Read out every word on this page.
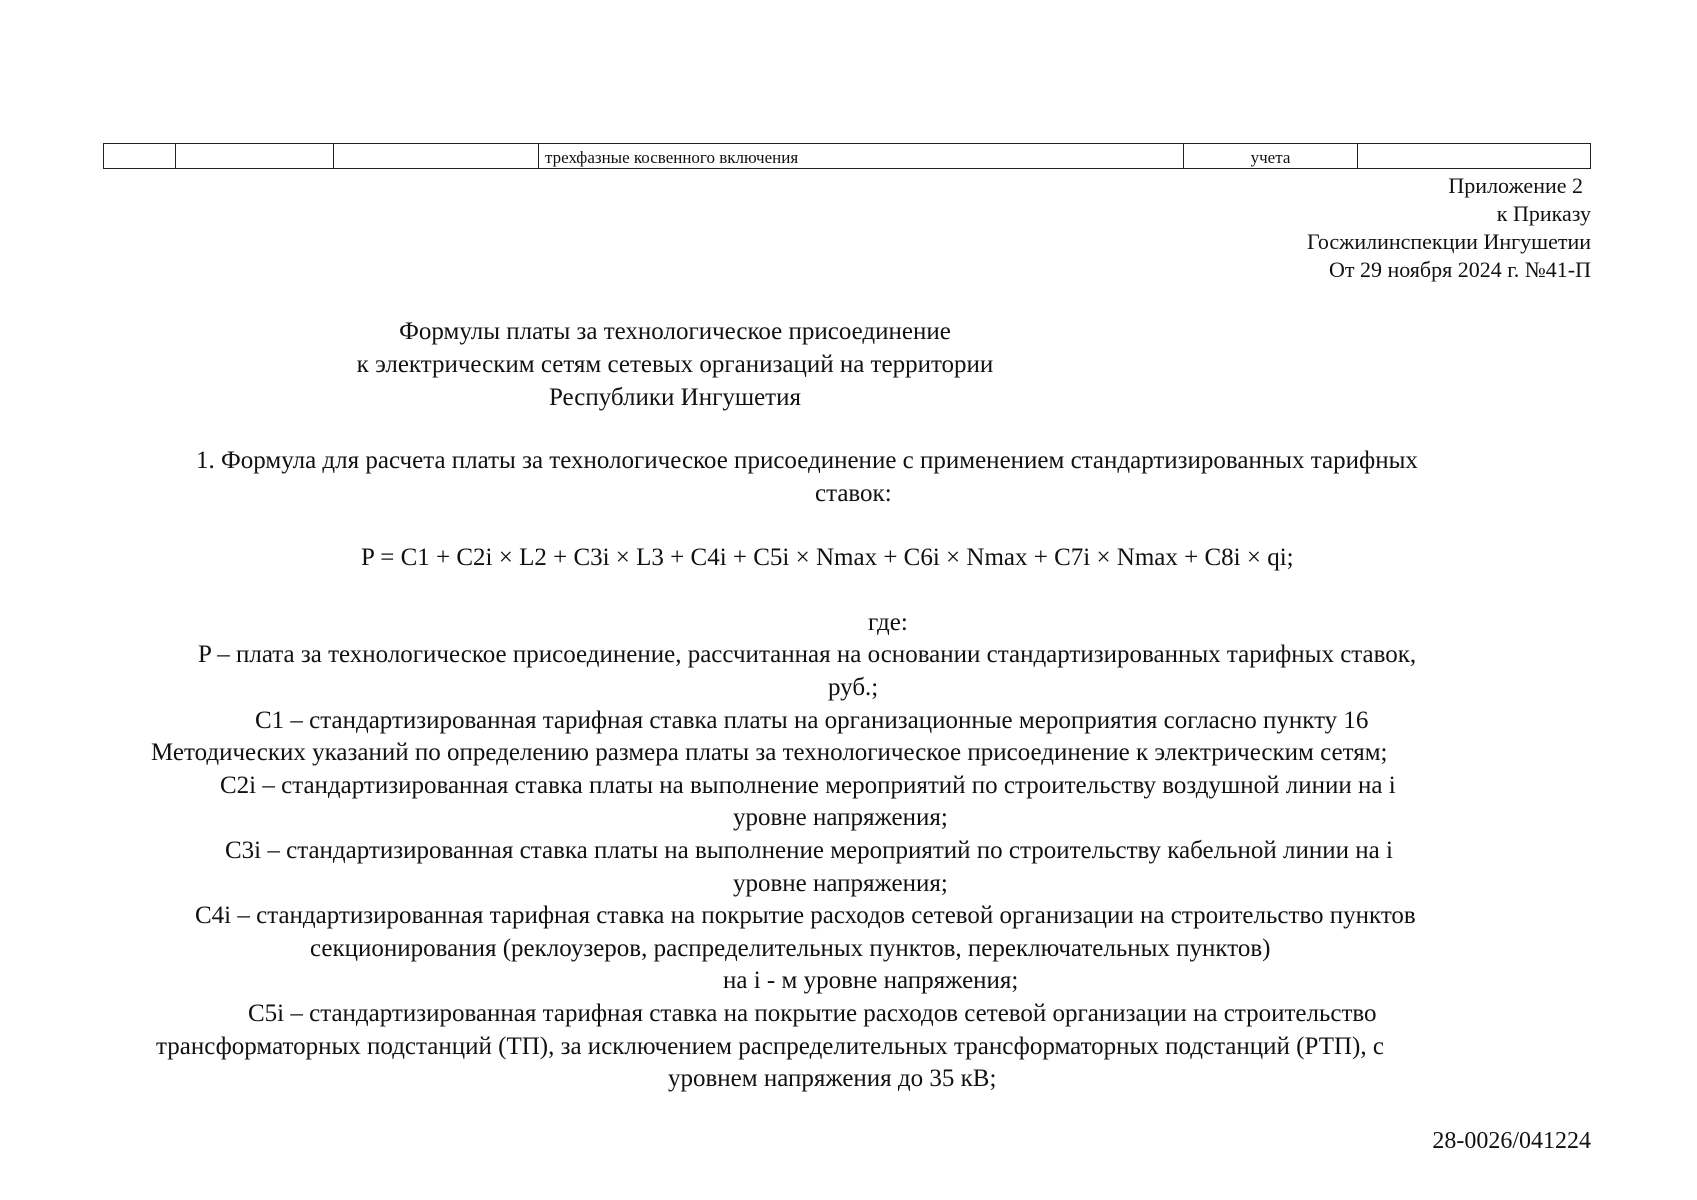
			трехфазные косвенного включения	учета	
Приложение 2
к Приказу
Госжилинспекции Ингушетии
От 29 ноября 2024 г. №41-П
Формулы платы за технологическое присоединение
к электрическим сетям сетевых организаций на территории
Республики Ингушетия
1. Формула для расчета платы за технологическое присоединение с применением стандартизированных тарифных
ставок:
P = C1 + C2i × L2 + C3i × L3 + C4i + C5i × Nmax + C6i × Nmax + C7i × Nmax + C8i × qi;
где:
P – плата за технологическое присоединение, рассчитанная на основании стандартизированных тарифных ставок,
руб.;
C1 – стандартизированная тарифная ставка платы на организационные мероприятия согласно пункту 16
Методических указаний по определению размера платы за технологическое присоединение к электрическим сетям;
C2i – стандартизированная ставка платы на выполнение мероприятий по строительству воздушной линии на i
уровне напряжения;
C3i – стандартизированная ставка платы на выполнение мероприятий по строительству кабельной линии на i
уровне напряжения;
C4i – стандартизированная тарифная ставка на покрытие расходов сетевой организации на строительство пунктов
секционирования (реклоузеров, распределительных пунктов, переключательных пунктов)
на i - м уровне напряжения;
C5i – стандартизированная тарифная ставка на покрытие расходов сетевой организации на строительство
трансформаторных подстанций (ТП), за исключением распределительных трансформаторных подстанций (РТП), с
уровнем напряжения до 35 кВ;
28-0026/041224
